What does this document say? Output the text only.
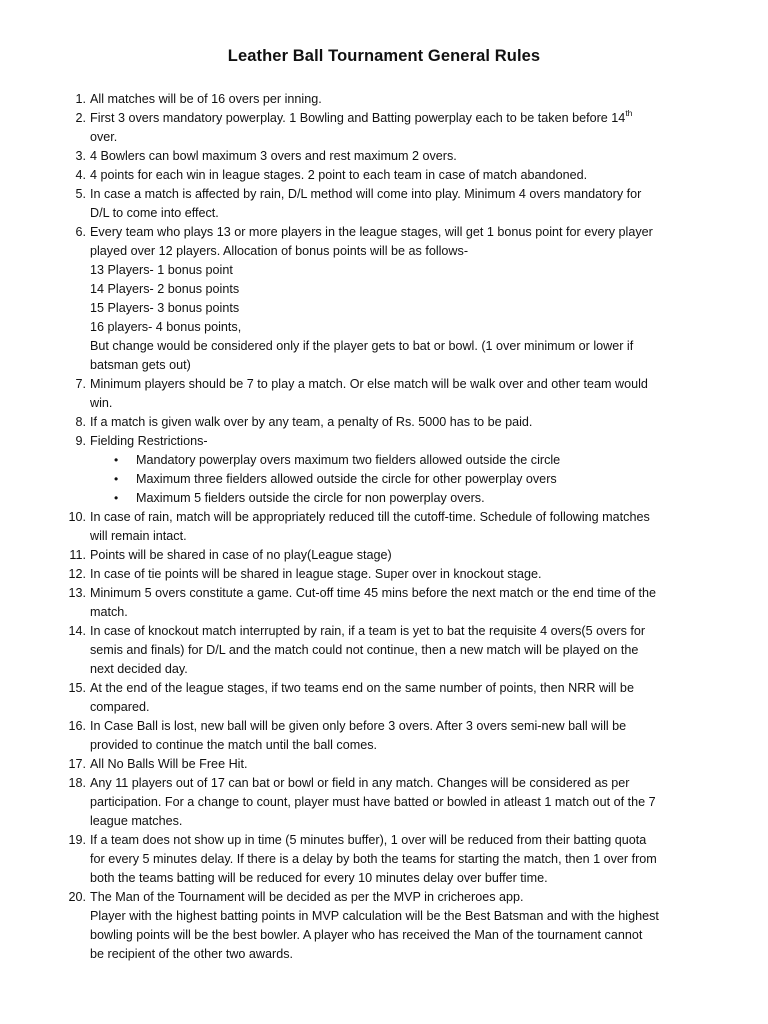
Leather Ball Tournament General Rules
1. All matches will be of 16 overs per inning.
2. First 3 overs mandatory powerplay. 1 Bowling and Batting powerplay each to be taken before 14th
over.
3. 4 Bowlers can bowl maximum 3 overs and rest maximum 2 overs.
4. 4 points for each win in league stages. 2 point to each team in case of match abandoned.
5. In case a match is affected by rain, D/L method will come into play. Minimum 4 overs mandatory for
D/L to come into effect.
6. Every team who plays 13 or more players in the league stages, will get 1 bonus point for every player
played over 12 players. Allocation of bonus points will be as follows-
13 Players- 1 bonus point
14 Players- 2 bonus points
15 Players- 3 bonus points
16 players- 4 bonus points,
But change would be considered only if the player gets to bat or bowl. (1 over minimum or lower if
batsman gets out)
7. Minimum players should be 7 to play a match. Or else match will be walk over and other team would
win.
8. If a match is given walk over by any team, a penalty of Rs. 5000 has to be paid.
9. Fielding Restrictions-
• Mandatory powerplay overs maximum two fielders allowed outside the circle
• Maximum three fielders allowed outside the circle for other powerplay overs
• Maximum 5 fielders outside the circle for non powerplay overs.
10. In case of rain, match will be appropriately reduced till the cutoff-time. Schedule of following matches
will remain intact.
11. Points will be shared in case of no play(League stage)
12. In case of tie points will be shared in league stage. Super over in knockout stage.
13. Minimum 5 overs constitute a game. Cut-off time 45 mins before the next match or the end time of the
match.
14. In case of knockout match interrupted by rain, if a team is yet to bat the requisite 4 overs(5 overs for
semis and finals) for D/L and the match could not continue, then a new match will be played on the
next decided day.
15. At the end of the league stages, if two teams end on the same number of points, then NRR will be
compared.
16. In Case Ball is lost, new ball will be given only before 3 overs. After 3 overs semi-new ball will be
provided to continue the match until the ball comes.
17. All No Balls Will be Free Hit.
18. Any 11 players out of 17 can bat or bowl or field in any match. Changes will be considered as per
participation. For a change to count, player must have batted or bowled in atleast 1 match out of the 7
league matches.
19. If a team does not show up in time (5 minutes buffer), 1 over will be reduced from their batting quota
for every 5 minutes delay. If there is a delay by both the teams for starting the match, then 1 over from
both the teams batting will be reduced for every 10 minutes delay over buffer time.
20. The Man of the Tournament will be decided as per the MVP in cricheroes app.
Player with the highest batting points in MVP calculation will be the Best Batsman and with the highest
bowling points will be the best bowler. A player who has received the Man of the tournament cannot
be recipient of the other two awards.
